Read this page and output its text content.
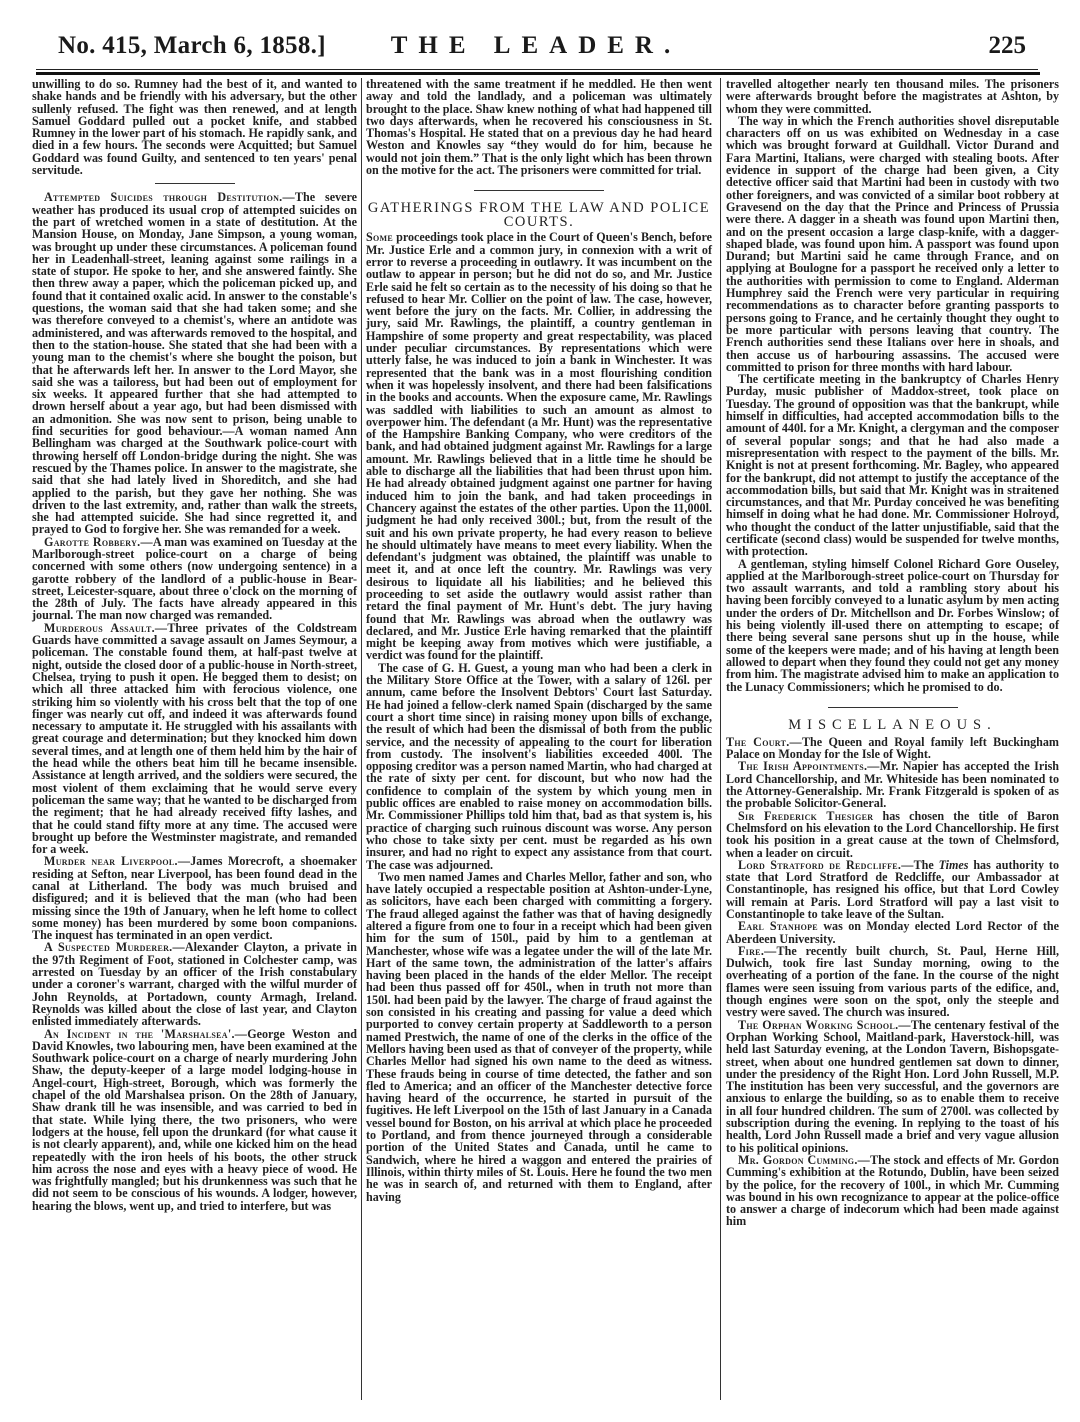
No. 415, March 6, 1858.]	THE LEADER.	225

unwilling to do so. Rumney had the best of it, and wanted to shake hands and be friendly with his adversary, but the other sullenly refused. The fight was then renewed, and at length Samuel Goddard pulled out a pocket knife, and stabbed Rumney in the lower part of his stomach. He rapidly sank, and died in a few hours. The seconds were Acquitted; but Samuel Goddard was found Guilty, and sentenced to ten years' penal servitude.

Attempted Suicides through Destitution.—The severe weather has produced its usual crop of attempted suicides on the part of wretched women in a state of destitution. At the Mansion House, on Monday, Jane Simpson, a young woman, was brought up under these circumstances. A policeman found her in Leadenhall-street, leaning against some railings in a state of stupor. He spoke to her, and she answered faintly. She then threw away a paper, which the policeman picked up, and found that it contained oxalic acid. In answer to the constable's questions, the woman said that she had taken some; and she was therefore conveyed to a chemist's, where an antidote was administered, and was afterwards removed to the hospital, and then to the station-house. She stated that she had been with a young man to the chemist's where she bought the poison, but that he afterwards left her. In answer to the Lord Mayor, she said she was a tailoress, but had been out of employment for six weeks. It appeared further that she had attempted to drown herself about a year ago, but had been dismissed with an admonition. She was now sent to prison, being unable to find securities for good behaviour.—A woman named Ann Bellingham was charged at the Southwark police-court with throwing herself off London-bridge during the night. She was rescued by the Thames police. In answer to the magistrate, she said that she had lately lived in Shoreditch, and she had applied to the parish, but they gave her nothing. She was driven to the last extremity, and, rather than walk the streets, she had attempted suicide. She had since regretted it, and prayed to God to forgive her. She was remanded for a week.

Garotte Robbery.—A man was examined on Tuesday at the Marlborough-street police-court on a charge of being concerned with some others (now undergoing sentence) in a garotte robbery of the landlord of a public-house in Bear-street, Leicester-square, about three o'clock on the morning of the 28th of July. The facts have already appeared in this journal. The man now charged was remanded.

Murderous Assault.—Three privates of the Coldstream Guards have committed a savage assault on James Seymour, a policeman. The constable found them, at half-past twelve at night, outside the closed door of a public-house in North-street, Chelsea, trying to push it open. He begged them to desist; on which all three attacked him with ferocious violence, one striking him so violently with his cross belt that the top of one finger was nearly cut off, and indeed it was afterwards found necessary to amputate it. He struggled with his assailants with great courage and determination; but they knocked him down several times, and at length one of them held him by the hair of the head while the others beat him till he became insensible. Assistance at length arrived, and the soldiers were secured, the most violent of them exclaiming that he would serve every policeman the same way; that he wanted to be discharged from the regiment; that he had already received fifty lashes, and that he could stand fifty more at any time. The accused were brought up before the Westminster magistrate, and remanded for a week.

Murder near Liverpool.—James Morecroft, a shoemaker residing at Sefton, near Liverpool, has been found dead in the canal at Litherland. The body was much bruised and disfigured; and it is believed that the man (who had been missing since the 19th of January, when he left home to collect some money) has been murdered by some boon companions. The inquest has terminated in an open verdict.

A Suspected Murderer.—Alexander Clayton, a private in the 97th Regiment of Foot, stationed in Colchester camp, was arrested on Tuesday by an officer of the Irish constabulary under a coroner's warrant, charged with the wilful murder of John Reynolds, at Portadown, county Armagh, Ireland. Reynolds was killed about the close of last year, and Clayton enlisted immediately afterwards.

An Incident in the 'Marshalsea'.—George Weston and David Knowles, two labouring men, have been examined at the Southwark police-court on a charge of nearly murdering John Shaw, the deputy-keeper of a large model lodging-house in Angel-court, High-street, Borough, which was formerly the chapel of the old Marshalsea prison. On the 28th of January, Shaw drank till he was insensible, and was carried to bed in that state. While lying there, the two prisoners, who were lodgers at the house, fell upon the drunkard (for what cause it is not clearly apparent), and, while one kicked him on the head repeatedly with the iron heels of his boots, the other struck him across the nose and eyes with a heavy piece of wood. He was frightfully mangled; but his drunkenness was such that he did not seem to be conscious of his wounds. A lodger, however, hearing the blows, went up, and tried to interfere, but was

threatened with the same treatment if he meddled. He then went away and told the landlady, and a policeman was ultimately brought to the place. Shaw knew nothing of what had happened till two days afterwards, when he recovered his consciousness in St. Thomas's Hospital. He stated that on a previous day he had heard Weston and Knowles say “they would do for him, because he would not join them.” That is the only light which has been thrown on the motive for the act. The prisoners were committed for trial.

GATHERINGS FROM THE LAW AND POLICE COURTS.

Some proceedings took place in the Court of Queen's Bench, before Mr. Justice Erle and a common jury, in connexion with a writ of error to reverse a proceeding in outlawry. It was incumbent on the outlaw to appear in person; but he did not do so, and Mr. Justice Erle said he felt so certain as to the necessity of his doing so that he refused to hear Mr. Collier on the point of law. The case, however, went before the jury on the facts. Mr. Collier, in addressing the jury, said Mr. Rawlings, the plaintiff, a country gentleman in Hampshire of some property and great respectability, was placed under peculiar circumstances. By representations which were utterly false, he was induced to join a bank in Winchester. It was represented that the bank was in a most flourishing condition when it was hopelessly insolvent, and there had been falsifications in the books and accounts. When the exposure came, Mr. Rawlings was saddled with liabilities to such an amount as almost to overpower him. The defendant (a Mr. Hunt) was the representative of the Hampshire Banking Company, who were creditors of the bank, and had obtained judgment against Mr. Rawlings for a large amount. Mr. Rawlings believed that in a little time he should be able to discharge all the liabilities that had been thrust upon him. He had already obtained judgment against one partner for having induced him to join the bank, and had taken proceedings in Chancery against the estates of the other parties. Upon the 11,000l. judgment he had only received 300l.; but, from the result of the suit and his own private property, he had every reason to believe he should ultimately have means to meet every liability. When the defendant's judgment was obtained, the plaintiff was unable to meet it, and at once left the country. Mr. Rawlings was very desirous to liquidate all his liabilities; and he believed this proceeding to set aside the outlawry would assist rather than retard the final payment of Mr. Hunt's debt. The jury having found that Mr. Rawlings was abroad when the outlawry was declared, and Mr. Justice Erle having remarked that the plaintiff might be keeping away from motives which were justifiable, a verdict was found for the plaintiff.

The case of G. H. Guest, a young man who had been a clerk in the Military Store Office at the Tower, with a salary of 126l. per annum, came before the Insolvent Debtors' Court last Saturday. He had joined a fellow-clerk named Spain (discharged by the same court a short time since) in raising money upon bills of exchange, the result of which had been the dismissal of both from the public service, and the necessity of appealing to the court for liberation from custody. The insolvent's liabilities exceeded 400l. The opposing creditor was a person named Martin, who had charged at the rate of sixty per cent. for discount, but who now had the confidence to complain of the system by which young men in public offices are enabled to raise money on accommodation bills. Mr. Commissioner Phillips told him that, bad as that system is, his practice of charging such ruinous discount was worse. Any person who chose to take sixty per cent. must be regarded as his own insurer, and had no right to expect any assistance from that court. The case was adjourned.

Two men named James and Charles Mellor, father and son, who have lately occupied a respectable position at Ashton-under-Lyne, as solicitors, have each been charged with committing a forgery. The fraud alleged against the father was that of having designedly altered a figure from one to four in a receipt which had been given him for the sum of 150l., paid by him to a gentleman at Manchester, whose wife was a legatee under the will of the late Mr. Hart of the same town, the administration of the latter's affairs having been placed in the hands of the elder Mellor. The receipt had been thus passed off for 450l., when in truth not more than 150l. had been paid by the lawyer. The charge of fraud against the son consisted in his creating and passing for value a deed which purported to convey certain property at Saddleworth to a person named Prestwich, the name of one of the clerks in the office of the Mellors having been used as that of conveyer of the property, while Charles Mellor had signed his own name to the deed as witness. These frauds being in course of time detected, the father and son fled to America; and an officer of the Manchester detective force having heard of the occurrence, he started in pursuit of the fugitives. He left Liverpool on the 15th of last January in a Canada vessel bound for Boston, on his arrival at which place he proceeded to Portland, and from thence journeyed through a considerable portion of the United States and Canada, until he came to Sandwich, where he hired a waggon and entered the prairies of Illinois, within thirty miles of St. Louis. Here he found the two men he was in search of, and returned with them to England, after having

travelled altogether nearly ten thousand miles. The prisoners were afterwards brought before the magistrates at Ashton, by whom they were committed.

The way in which the French authorities shovel disreputable characters off on us was exhibited on Wednesday in a case which was brought forward at Guildhall. Victor Durand and Fara Martini, Italians, were charged with stealing boots. After evidence in support of the charge had been given, a City detective officer said that Martini had been in custody with two other foreigners, and was convicted of a similar boot robbery at Gravesend on the day that the Prince and Princess of Prussia were there. A dagger in a sheath was found upon Martini then, and on the present occasion a large clasp-knife, with a dagger-shaped blade, was found upon him. A passport was found upon Durand; but Martini said he came through France, and on applying at Boulogne for a passport he received only a letter to the authorities with permission to come to England. Alderman Humphrey said the French were very particular in requiring recommendations as to character before granting passports to persons going to France, and he certainly thought they ought to be more particular with persons leaving that country. The French authorities send these Italians over here in shoals, and then accuse us of harbouring assassins. The accused were committed to prison for three months with hard labour.

The certificate meeting in the bankruptcy of Charles Henry Purday, music publisher of Maddox-street, took place on Tuesday. The ground of opposition was that the bankrupt, while himself in difficulties, had accepted accommodation bills to the amount of 440l. for a Mr. Knight, a clergyman and the composer of several popular songs; and that he had also made a misrepresentation with respect to the payment of the bills. Mr. Knight is not at present forthcoming. Mr. Bagley, who appeared for the bankrupt, did not attempt to justify the acceptance of the accommodation bills, but said that Mr. Knight was in straitened circumstances, and that Mr. Purday conceived he was benefiting himself in doing what he had done. Mr. Commissioner Holroyd, who thought the conduct of the latter unjustifiable, said that the certificate (second class) would be suspended for twelve months, with protection.

A gentleman, styling himself Colonel Richard Gore Ouseley, applied at the Marlborough-street police-court on Thursday for two assault warrants, and told a rambling story about his having been forcibly conveyed to a lunatic asylum by men acting under the orders of Dr. Mitchellson and Dr. Forbes Winslow; of his being violently ill-used there on attempting to escape; of there being several sane persons shut up in the house, while some of the keepers were made; and of his having at length been allowed to depart when they found they could not get any money from him. The magistrate advised him to make an application to the Lunacy Commissioners; which he promised to do.

MISCELLANEOUS.

The Court.—The Queen and Royal family left Buckingham Palace on Monday for the Isle of Wight.

The Irish Appointments.—Mr. Napier has accepted the Irish Lord Chancellorship, and Mr. Whiteside has been nominated to the Attorney-Generalship. Mr. Frank Fitzgerald is spoken of as the probable Solicitor-General.

Sir Frederick Thesiger has chosen the title of Baron Chelmsford on his elevation to the Lord Chancellorship. He first took his position in a great cause at the town of Chelmsford, when a leader on circuit.

Lord Stratford de Redcliffe.—The Times has authority to state that Lord Stratford de Redcliffe, our Ambassador at Constantinople, has resigned his office, but that Lord Cowley will remain at Paris. Lord Stratford will pay a last visit to Constantinople to take leave of the Sultan.

Earl Stanhope was on Monday elected Lord Rector of the Aberdeen University.

Fire.—The recently built church, St. Paul, Herne Hill, Dulwich, took fire last Sunday morning, owing to the overheating of a portion of the fane. In the course of the night flames were seen issuing from various parts of the edifice, and, though engines were soon on the spot, only the steeple and vestry were saved. The church was insured.

The Orphan Working School.—The centenary festival of the Orphan Working School, Maitland-park, Haverstock-hill, was held last Saturday evening, at the London Tavern, Bishopsgate-street, when about one hundred gentlemen sat down to dinner, under the presidency of the Right Hon. Lord John Russell, M.P. The institution has been very successful, and the governors are anxious to enlarge the building, so as to enable them to receive in all four hundred children. The sum of 2700l. was collected by subscription during the evening. In replying to the toast of his health, Lord John Russell made a brief and very vague allusion to his political opinions.

Mr. Gordon Cumming.—The stock and effects of Mr. Gordon Cumming's exhibition at the Rotundo, Dublin, have been seized by the police, for the recovery of 100l., in which Mr. Cumming was bound in his own recognizance to appear at the police-office to answer a charge of indecorum which had been made against him
